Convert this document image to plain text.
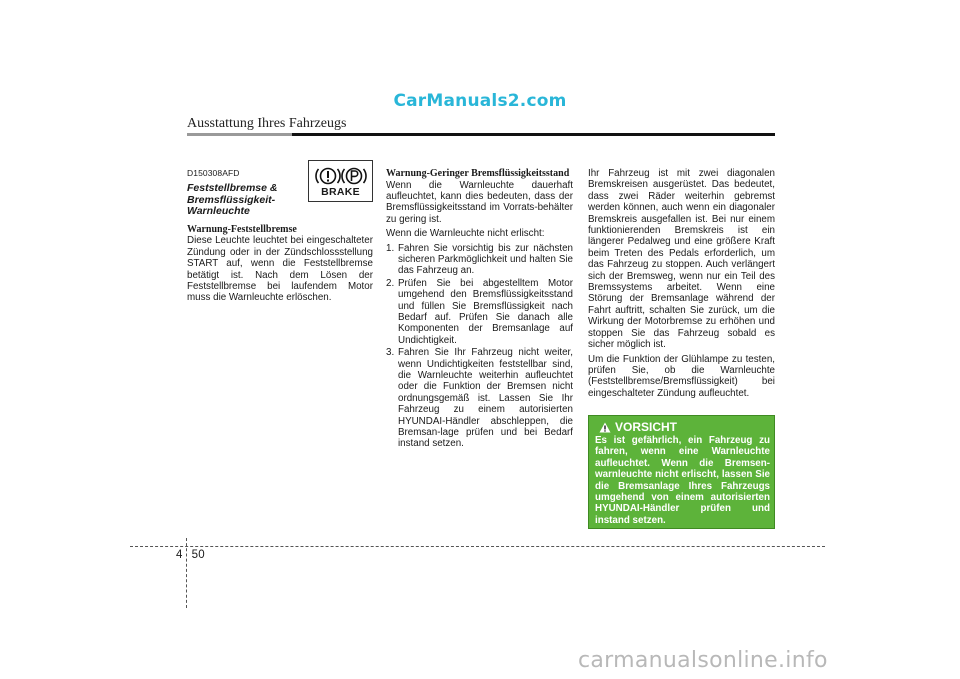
CarManuals2.com
Ausstattung Ihres Fahrzeugs
D150308AFD
Feststellbremse & Bremsflüssigkeit-Warnleuchte
Warnung-Feststellbremse

Diese Leuchte leuchtet bei eingeschalteter Zündung oder in der Zündschlossstellung START auf, wenn die Feststellbremse betätigt ist. Nach dem Lösen der Feststellbremse bei laufendem Motor muss die Warnleuchte erlöschen.

BRAKE
Warnung-Geringer Bremsflüssigkeitsstand

Wenn die Warnleuchte dauerhaft aufleuchtet, kann dies bedeuten, dass der Bremsflüssigkeitsstand im Vorrats-behälter zu gering ist.

Wenn die Warnleuchte nicht erlischt:

1. Fahren Sie vorsichtig bis zur nächsten sicheren Parkmöglichkeit und halten Sie das Fahrzeug an.
2. Prüfen Sie bei abgestelltem Motor umgehend den Bremsflüssigkeitsstand und füllen Sie Bremsflüssigkeit nach Bedarf auf. Prüfen Sie danach alle Komponenten der Bremsanlage auf Undichtigkeit.
3. Fahren Sie Ihr Fahrzeug nicht weiter, wenn Undichtigkeiten feststellbar sind, die Warnleuchte weiterhin aufleuchtet oder die Funktion der Bremsen nicht ordnungsgemäß ist. Lassen Sie Ihr Fahrzeug zu einem autorisierten HYUNDAI-Händler abschleppen, die Bremsan-lage prüfen und bei Bedarf instand setzen.

Ihr Fahrzeug ist mit zwei diagonalen Bremskreisen ausgerüstet. Das bedeutet, dass zwei Räder weiterhin gebremst werden können, auch wenn ein diagonaler Bremskreis ausgefallen ist. Bei nur einem funktionierenden Bremskreis ist ein längerer Pedalweg und eine größere Kraft beim Treten des Pedals erforderlich, um das Fahrzeug zu stoppen. Auch verlängert sich der Bremsweg, wenn nur ein Teil des Bremssystems arbeitet. Wenn eine Störung der Bremsanlage während der Fahrt auftritt, schalten Sie zurück, um die Wirkung der Motorbremse zu erhöhen und stoppen Sie das Fahrzeug sobald es sicher möglich ist.

Um die Funktion der Glühlampe zu testen, prüfen Sie, ob die Warnleuchte (Feststellbremse/Bremsflüssigkeit) bei eingeschalteter Zündung aufleuchtet.

VORSICHT
Es ist gefährlich, ein Fahrzeug zu fahren, wenn eine Warnleuchte aufleuchtet. Wenn die Bremsen-warnleuchte nicht erlischt, lassen Sie die Bremsanlage Ihres Fahrzeugs umgehend von einem autorisierten HYUNDAI-Händler prüfen und instand setzen.
4 50
carmanualsonline.info
